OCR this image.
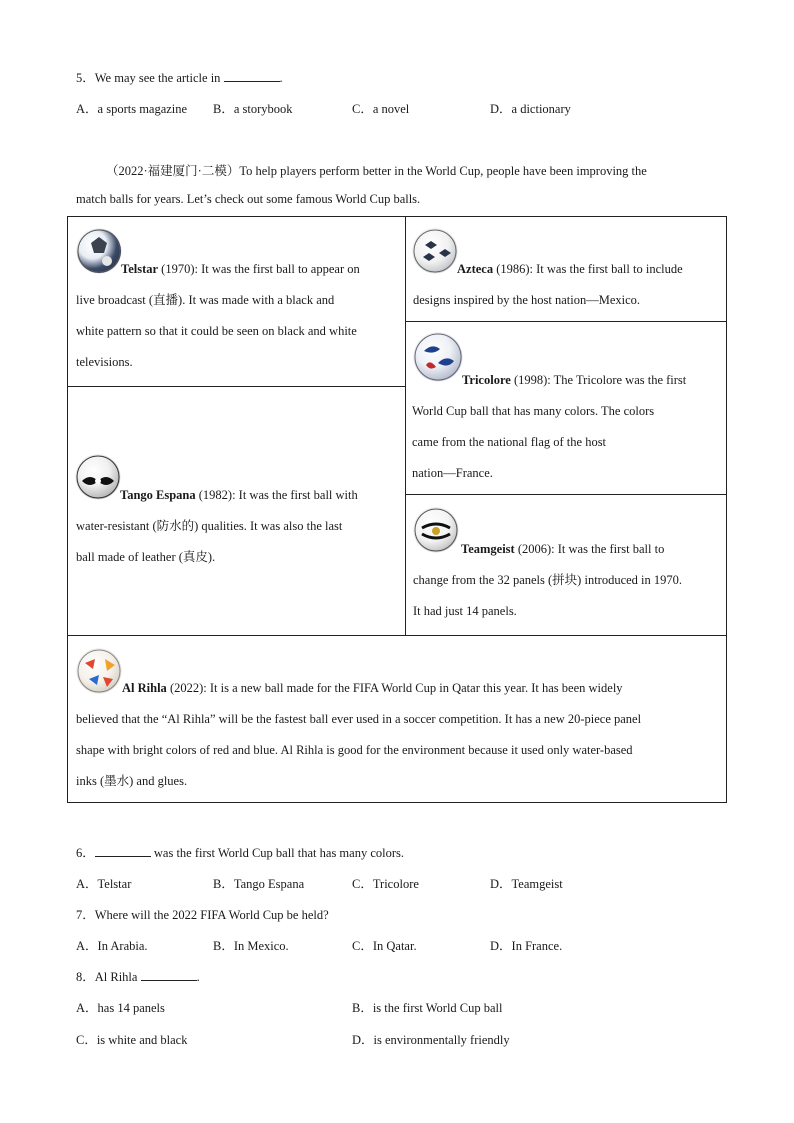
5．We may see the article in	.
A．a sports magazine B．a storybook	C．a novel	D．a dictionary
（2022·福建厦门·二模）To help players perform better in the World Cup, people have been improving the
match balls for years. Let’s check out some famous World Cup balls.
Telstar (1970): It was the first ball to appear on
live broadcast (直播). It was made with a black and
white pattern so that it could be seen on black and white
televisions.
Azteca (1986): It was the first ball to include
designs inspired by the host nation—Mexico.
Tricolore (1998): The Tricolore was the first
World Cup ball that has many colors. The colors
came from the national flag of the host
nation—France.
Tango Espana (1982): It was the first ball with
water-resistant (防水的) qualities. It was also the last
ball made of leather (真皮).
Teamgeist (2006): It was the first ball to
change from the 32 panels (拼块) introduced in 1970.
It had just 14 panels.
Al Rihla (2022): It is a new ball made for the FIFA World Cup in Qatar this year. It has been widely
believed that the “Al Rihla” will be the fastest ball ever used in a soccer competition. It has a new 20-piece panel
shape with bright colors of red and blue. Al Rihla is good for the environment because it used only water-based
inks (墨水) and glues.
6．	was the first World Cup ball that has many colors.
A．Telstar	B．Tango Espana	C．Tricolore	D．Teamgeist
7．Where will the 2022 FIFA World Cup be held?
A．In Arabia.	B．In Mexico.	C．In Qatar.	D．In France.
8．Al Rihla	.
A．has 14 panels	B．is the first World Cup ball
C．is white and black	D．is environmentally friendly
